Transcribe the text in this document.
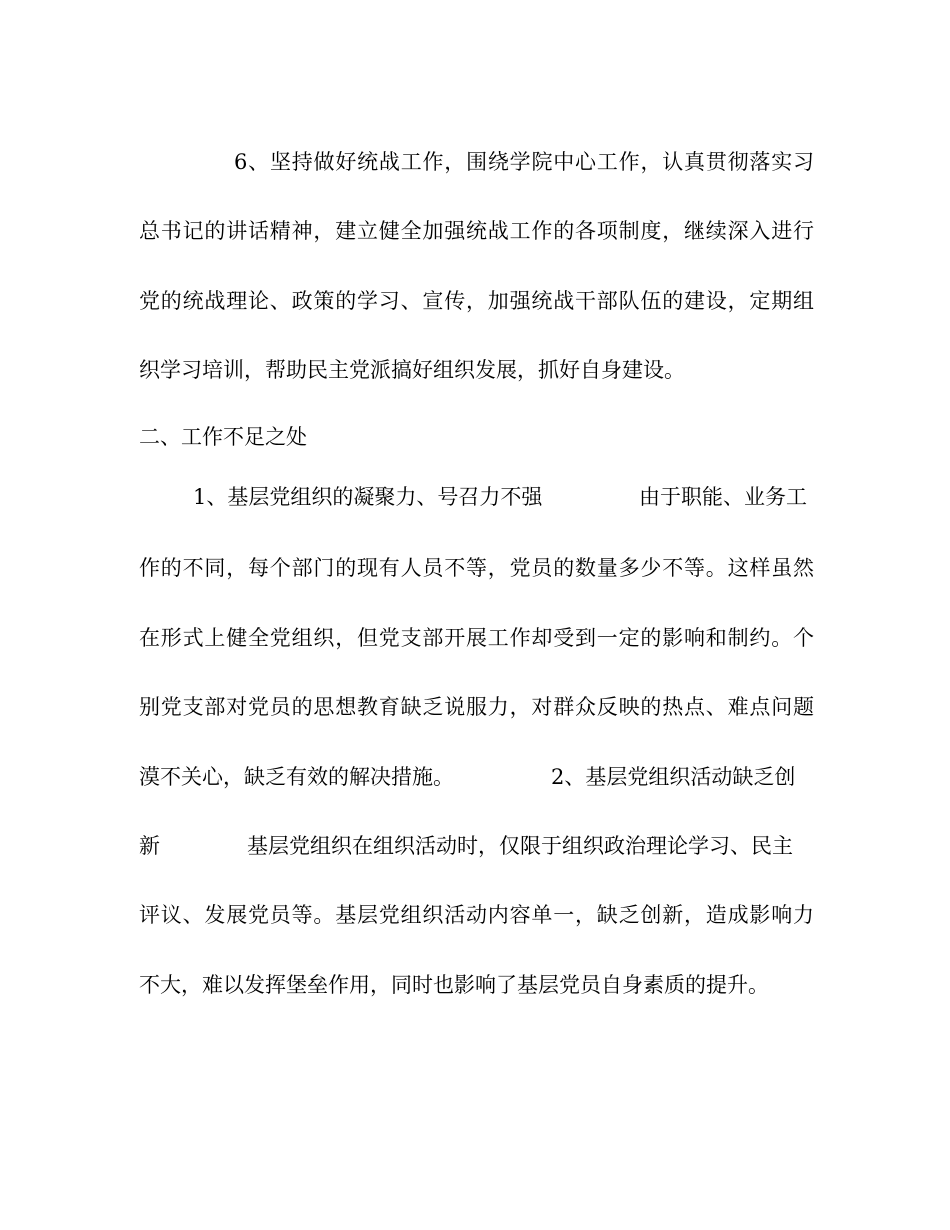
6、坚持做好统战工作，围绕学院中心工作，认真贯彻落实习
总书记的讲话精神，建立健全加强统战工作的各项制度，继续深入进行
党的统战理论、政策的学习、宣传，加强统战干部队伍的建设，定期组
织学习培训，帮助民主党派搞好组织发展，抓好自身建设。
二、工作不足之处
1、基层党组织的凝聚力、号召力不强	由于职能、业务工
作的不同，每个部门的现有人员不等，党员的数量多少不等。这样虽然
在形式上健全党组织，但党支部开展工作却受到一定的影响和制约。个
别党支部对党员的思想教育缺乏说服力，对群众反映的热点、难点问题
漠不关心，缺乏有效的解决措施。	2、基层党组织活动缺乏创
新	基层党组织在组织活动时，仅限于组织政治理论学习、民主
评议、发展党员等。基层党组织活动内容单一，缺乏创新，造成影响力
不大，难以发挥堡垒作用，同时也影响了基层党员自身素质的提升。
